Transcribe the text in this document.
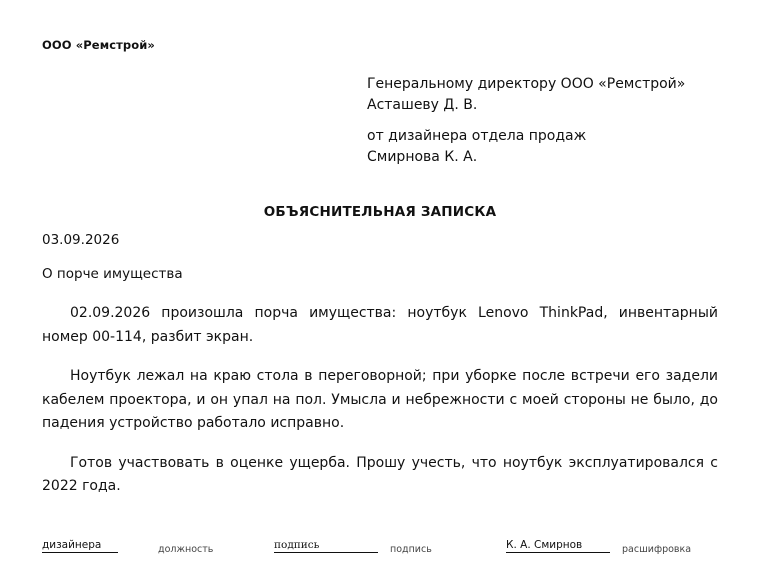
ООО «Ремстрой»
Генеральному директору ООО «Ремстрой»
Асташеву Д. В.
от дизайнера отдела продаж
Смирнова К. А.
ОБЪЯСНИТЕЛЬНАЯ ЗАПИСКА
03.09.2026
О порче имущества

02.09.2026 произошла порча имущества: ноутбук Lenovo ThinkPad, инвентарный номер 00-114, разбит экран.

Ноутбук лежал на краю стола в переговорной; при уборке после встречи его задели кабелем проектора, и он упал на пол. Умысла и небрежности с моей стороны не было, до падения устройство работало исправно.

Готов участвовать в оценке ущерба. Прошу учесть, что ноутбук эксплуатировался с 2022 года.

дизайнера	должность	подпись	подпись	К. А. Смирнов	расшифровка
